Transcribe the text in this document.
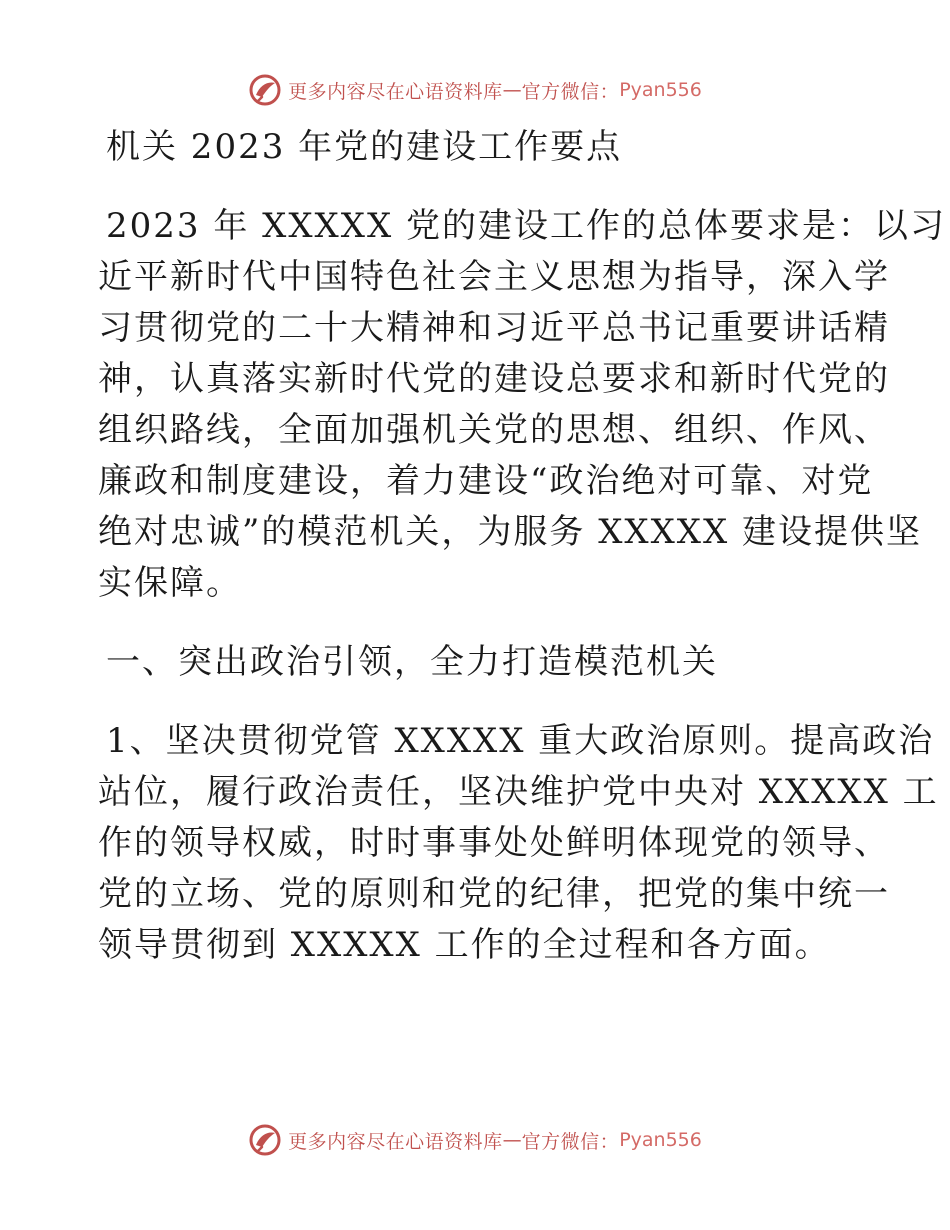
更多内容尽在心语资料库 — 官方微信： Pyan556
机关 2023 年党的建设工作要点
2023 年 XXXXX 党的建设工作的总体要求是：以习
近平新时代中国特色社会主义思想为指导，深入学
习贯彻党的二十大精神和习近平总书记重要讲话精
神，认真落实新时代党的建设总要求和新时代党的
组织路线，全面加强机关党的思想、组织、作风、
廉政和制度建设，着力建设“政治绝对可靠、对党
绝对忠诚”的模范机关，为服务 XXXXX 建设提供坚
实保障。
一、突出政治引领，全力打造模范机关
1、坚决贯彻党管 XXXXX 重大政治原则。提高政治
站位，履行政治责任，坚决维护党中央对 XXXXX 工
作的领导权威，时时事事处处鲜明体现党的领导、
党的立场、党的原则和党的纪律，把党的集中统一
领导贯彻到 XXXXX 工作的全过程和各方面。
更多内容尽在心语资料库 — 官方微信： Pyan556
